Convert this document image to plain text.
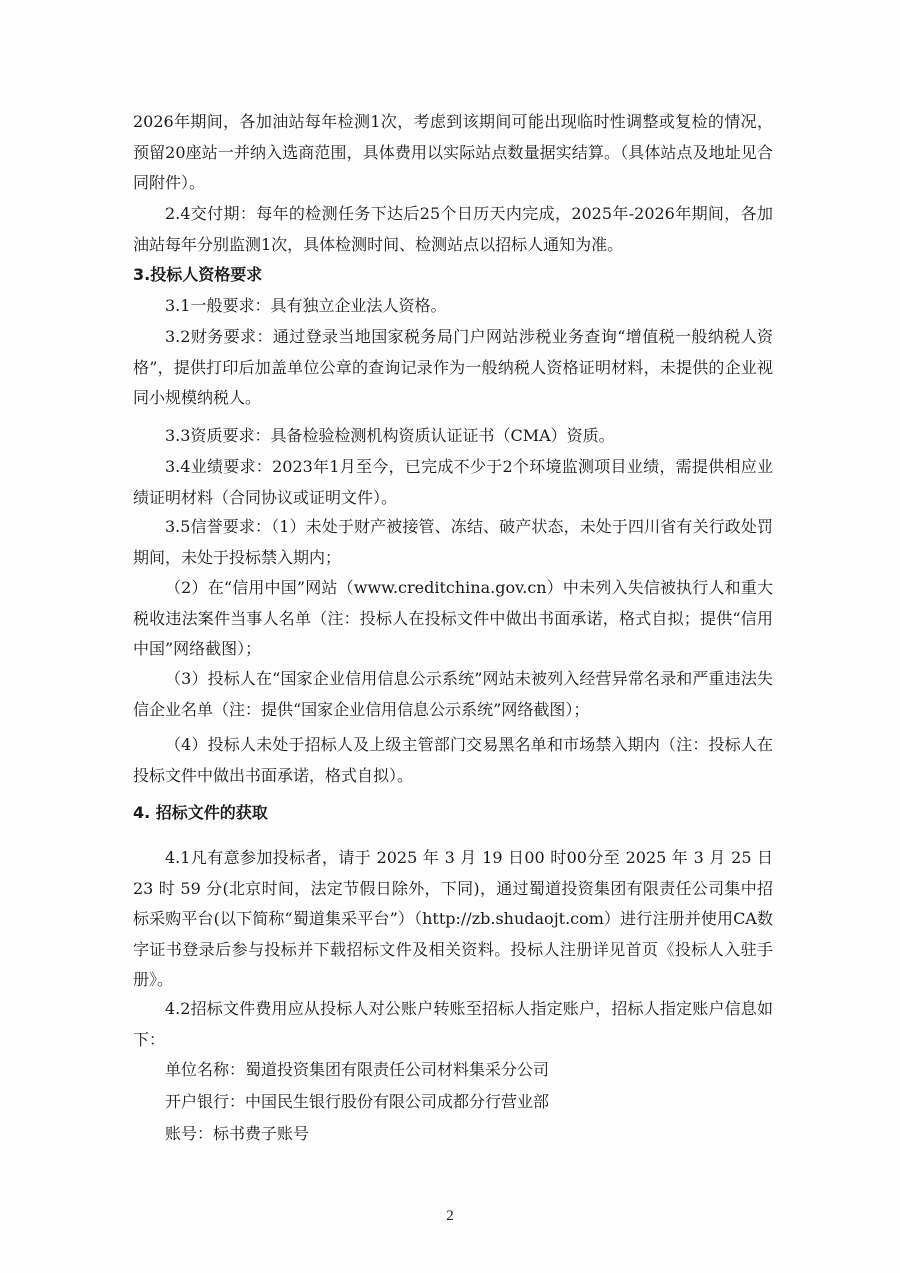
2026年期间，各加油站每年检测1次，考虑到该期间可能出现临时性调整或复检的情况，预留20座站一并纳入选商范围，具体费用以实际站点数量据实结算。（具体站点及地址见合同附件）。

2.4交付期：每年的检测任务下达后25个日历天内完成，2025年-2026年期间，各加油站每年分别监测1次，具体检测时间、检测站点以招标人通知为准。

3.投标人资格要求

3.1一般要求：具有独立企业法人资格。

3.2财务要求：通过登录当地国家税务局门户网站涉税业务查询“增值税一般纳税人资格”，提供打印后加盖单位公章的查询记录作为一般纳税人资格证明材料，未提供的企业视同小规模纳税人。

3.3资质要求：具备检验检测机构资质认证证书（CMA）资质。

3.4业绩要求：2023年1月至今，已完成不少于2个环境监测项目业绩，需提供相应业绩证明材料（合同协议或证明文件）。

3.5信誉要求：（1）未处于财产被接管、冻结、破产状态，未处于四川省有关行政处罚期间，未处于投标禁入期内；

（2）在“信用中国”网站（www.creditchina.gov.cn）中未列入失信被执行人和重大税收违法案件当事人名单（注：投标人在投标文件中做出书面承诺，格式自拟；提供“信用中国”网络截图）；

（3）投标人在“国家企业信用信息公示系统”网站未被列入经营异常名录和严重违法失信企业名单（注：提供“国家企业信用信息公示系统”网络截图）；

（4）投标人未处于招标人及上级主管部门交易黑名单和市场禁入期内（注：投标人在投标文件中做出书面承诺，格式自拟）。

4. 招标文件的获取

4.1凡有意参加投标者，请于 2025 年 3 月 19 日00 时00分至 2025 年 3 月 25 日 23 时 59 分(北京时间，法定节假日除外，下同)，通过蜀道投资集团有限责任公司集中招标采购平台(以下简称“蜀道集采平台”）（http://zb.shudaojt.com）进行注册并使用CA数字证书登录后参与投标并下载招标文件及相关资料。投标人注册详见首页《投标人入驻手册》。

4.2招标文件费用应从投标人对公账户转账至招标人指定账户，招标人指定账户信息如下：

单位名称：蜀道投资集团有限责任公司材料集采分公司

开户银行：中国民生银行股份有限公司成都分行营业部

账号：标书费子账号

2
